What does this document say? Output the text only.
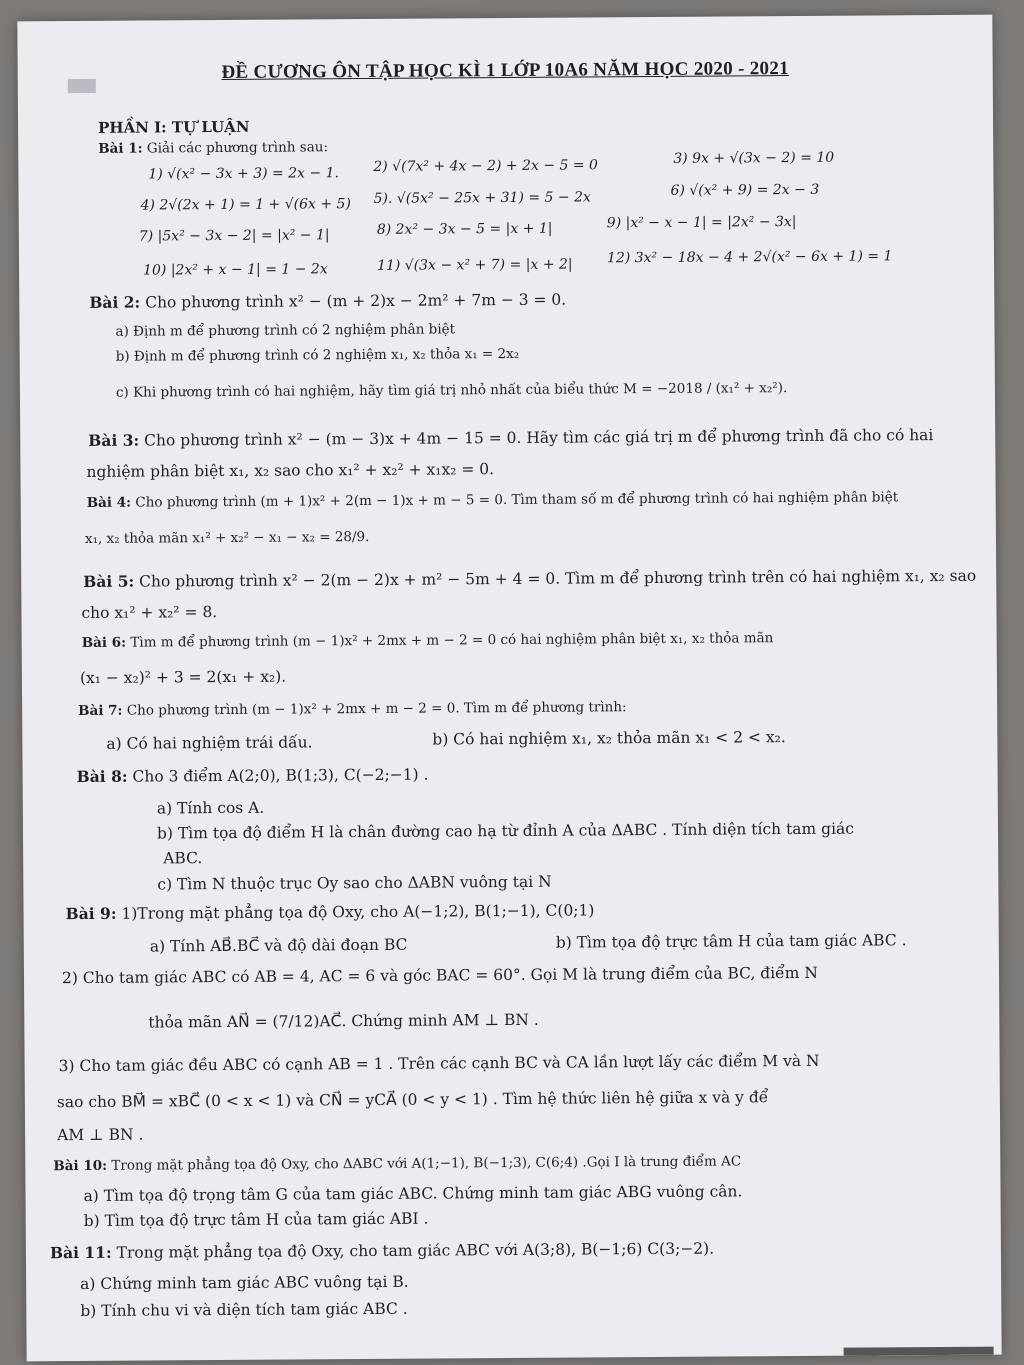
ĐỀ CƯƠNG ÔN TẬP HỌC KÌ 1 LỚP 10A6 NĂM HỌC 2020 - 2021
PHẦN I: TỰ LUẬN
Bài 1: Giải các phương trình sau:
1) √(x² − 3x + 3) = 2x − 1. 2) √(7x² + 4x − 2) + 2x − 5 = 0	3) 9x + √(3x − 2) = 10
4) 2√(2x + 1) = 1 + √(6x + 5) 5). √(5x² − 25x + 31) = 5 − 2x	6) √(x² + 9) = 2x − 3
7) |5x² − 3x − 2| = |x² − 1|	8) 2x² − 3x − 5 = |x + 1|	9) |x² − x − 1| = |2x² − 3x|
10) |2x² + x − 1| = 1 − 2x	11) √(3x − x² + 7) = |x + 2| 12) 3x² − 18x − 4 + 2√(x² − 6x + 1) = 1
Bài 2: Cho phương trình x² − (m + 2)x − 2m² + 7m − 3 = 0.
a) Định m để phương trình có 2 nghiệm phân biệt
b) Định m để phương trình có 2 nghiệm x₁, x₂ thỏa x₁ = 2x₂
c) Khi phương trình có hai nghiệm, hãy tìm giá trị nhỏ nhất của biểu thức M = −2018 / (x₁² + x₂²).
Bài 3: Cho phương trình x² − (m − 3)x + 4m − 15 = 0. Hãy tìm các giá trị m để phương trình đã cho có hai
nghiệm phân biệt x₁, x₂ sao cho x₁² + x₂² + x₁x₂ = 0.
Bài 4: Cho phương trình (m + 1)x² + 2(m − 1)x + m − 5 = 0. Tìm tham số m để phương trình có hai nghiệm phân biệt
x₁, x₂ thỏa mãn x₁² + x₂² − x₁ − x₂ = 28/9.
Bài 5: Cho phương trình x² − 2(m − 2)x + m² − 5m + 4 = 0. Tìm m để phương trình trên có hai nghiệm x₁, x₂ sao
cho x₁² + x₂² = 8.
Bài 6: Tìm m để phương trình (m − 1)x² + 2mx + m − 2 = 0 có hai nghiệm phân biệt x₁, x₂ thỏa mãn
(x₁ − x₂)² + 3 = 2(x₁ + x₂).
Bài 7: Cho phương trình (m − 1)x² + 2mx + m − 2 = 0. Tìm m để phương trình:
a) Có hai nghiệm trái dấu.	b) Có hai nghiệm x₁, x₂ thỏa mãn x₁ < 2 < x₂.
Bài 8: Cho 3 điểm A(2;0), B(1;3), C(−2;−1) .
a) Tính cos A.
b) Tìm tọa độ điểm H là chân đường cao hạ từ đỉnh A của ΔABC . Tính diện tích tam giác
ABC.
c) Tìm N thuộc trục Oy sao cho ΔABN vuông tại N
Bài 9: 1)Trong mặt phẳng tọa độ Oxy, cho A(−1;2), B(1;−1), C(0;1)
a) Tính AB⃗.BC⃗ và độ dài đoạn BC	b) Tìm tọa độ trực tâm H của tam giác ABC .
2) Cho tam giác ABC có AB = 4, AC = 6 và góc BAC = 60°. Gọi M là trung điểm của BC, điểm N
thỏa mãn AN⃗ = (7/12)AC⃗. Chứng minh AM ⊥ BN .
3) Cho tam giác đều ABC có cạnh AB = 1 . Trên các cạnh BC và CA lần lượt lấy các điểm M và N
sao cho BM⃗ = xBC⃗ (0 < x < 1) và CN⃗ = yCA⃗ (0 < y < 1) . Tìm hệ thức liên hệ giữa x và y để
AM ⊥ BN .
Bài 10: Trong mặt phẳng tọa độ Oxy, cho ΔABC với A(1;−1), B(−1;3), C(6;4) .Gọi I là trung điểm AC
a) Tìm tọa độ trọng tâm G của tam giác ABC. Chứng minh tam giác ABG vuông cân.
b) Tìm tọa độ trực tâm H của tam giác ABI .
Bài 11: Trong mặt phẳng tọa độ Oxy, cho tam giác ABC với A(3;8), B(−1;6) C(3;−2).
a) Chứng minh tam giác ABC vuông tại B.
b) Tính chu vi và diện tích tam giác ABC .
